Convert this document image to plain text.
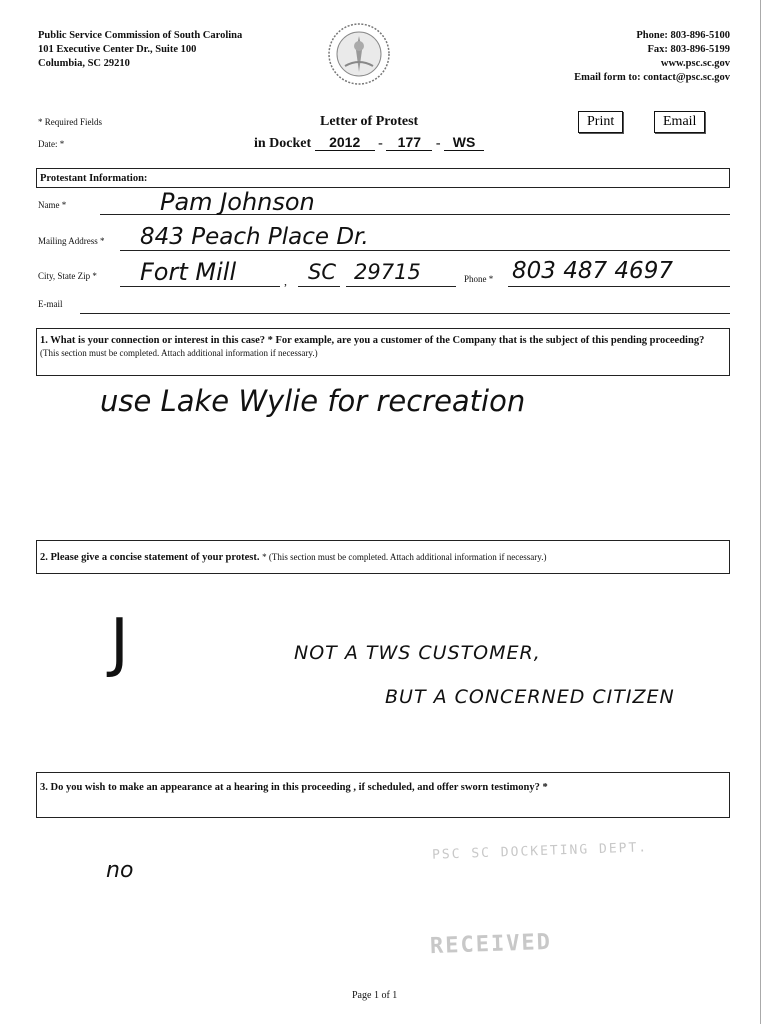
Public Service Commission of South Carolina
101 Executive Center Dr., Suite 100
Columbia, SC 29210
Phone: 803-896-5100
Fax: 803-896-5199
www.psc.sc.gov
Email form to: contact@psc.sc.gov
* Required Fields
Date: *
Letter of Protest
in Docket 2012 - 177 - WS
Print	Email
Protestant Information:
Name *	Pam Johnson
Mailing Address * 843 Peach Place Dr.
City, State Zip * Fort Mill	, SC 29715	Phone * 803 487 4697
E-mail
1. What is your connection or interest in this case? * For example, are you a customer of the Company that is the subject of this pending proceeding? (This section must be completed. Attach additional information if necessary.)
use Lake Wylie for recreation
2. Please give a concise statement of your protest. * (This section must be completed. Attach additional information if necessary.)
J	NOT A TWS CUSTOMER,
BUT A CONCERNED CITIZEN
3. Do you wish to make an appearance at a hearing in this proceeding , if scheduled, and offer sworn testimony? *
no
PSC SC DOCKETING DEPT.
RECEIVED
Page 1 of 1
